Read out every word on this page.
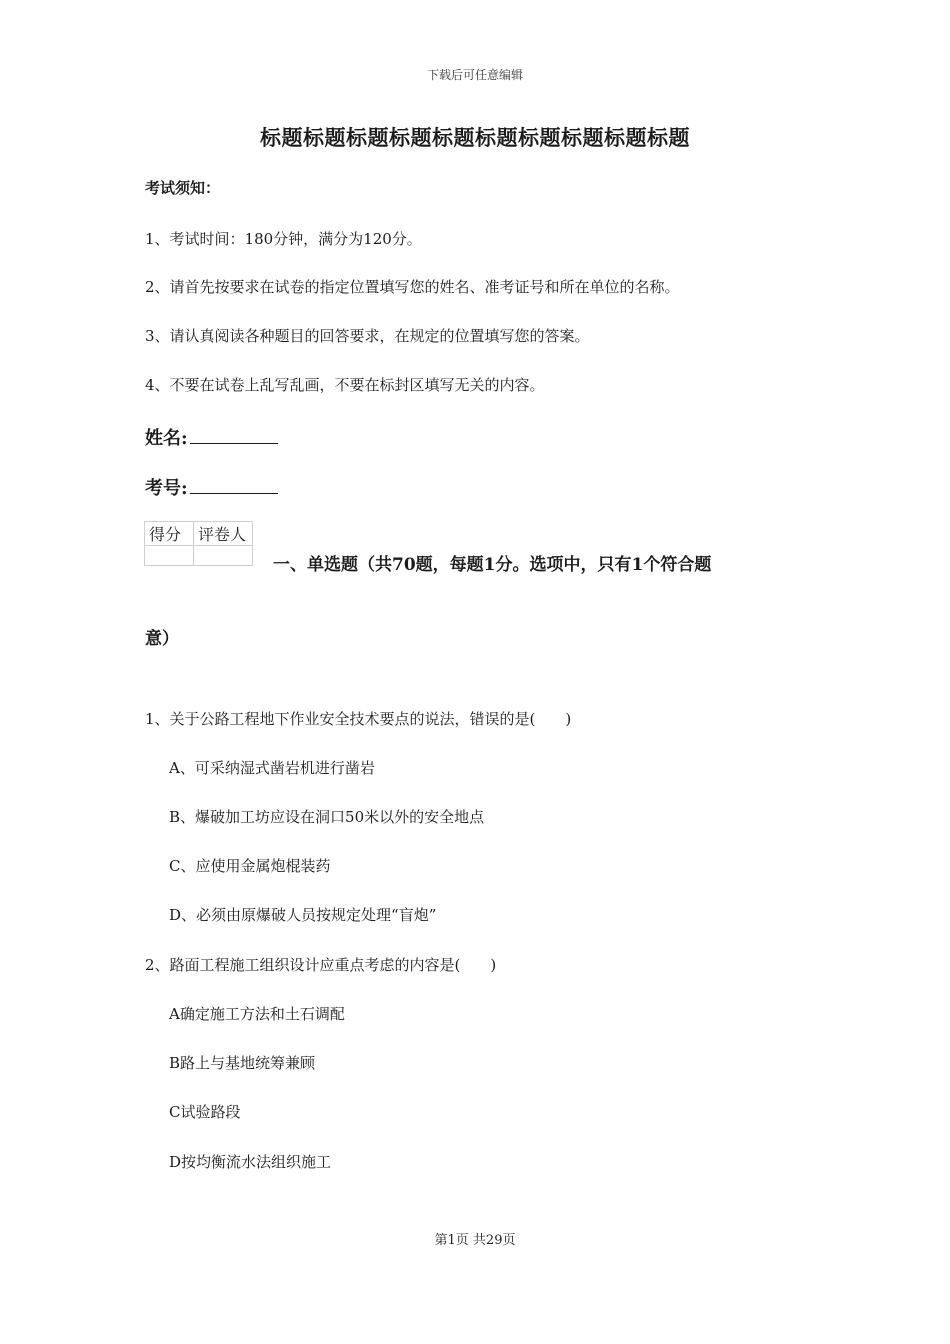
下载后可任意编辑
标题标题标题标题标题标题标题标题标题标题
考试须知：
1、考试时间：180分钟，满分为120分。
2、请首先按要求在试卷的指定位置填写您的姓名、准考证号和所在单位的名称。
3、请认真阅读各种题目的回答要求，在规定的位置填写您的答案。
4、不要在试卷上乱写乱画，不要在标封区填写无关的内容。
姓名:
考号:
得分	评卷人

一、单选题（共70题，每题1分。选项中，只有1个符合题
意）
1、关于公路工程地下作业安全技术要点的说法，错误的是(　　)
A、可采纳湿式凿岩机进行凿岩
B、爆破加工坊应设在洞口50米以外的安全地点
C、应使用金属炮棍装药
D、必须由原爆破人员按规定处理“盲炮”
2、路面工程施工组织设计应重点考虑的内容是(　　)
A确定施工方法和土石调配
B路上与基地统筹兼顾
C试验路段
D按均衡流水法组织施工
第1页 共29页
